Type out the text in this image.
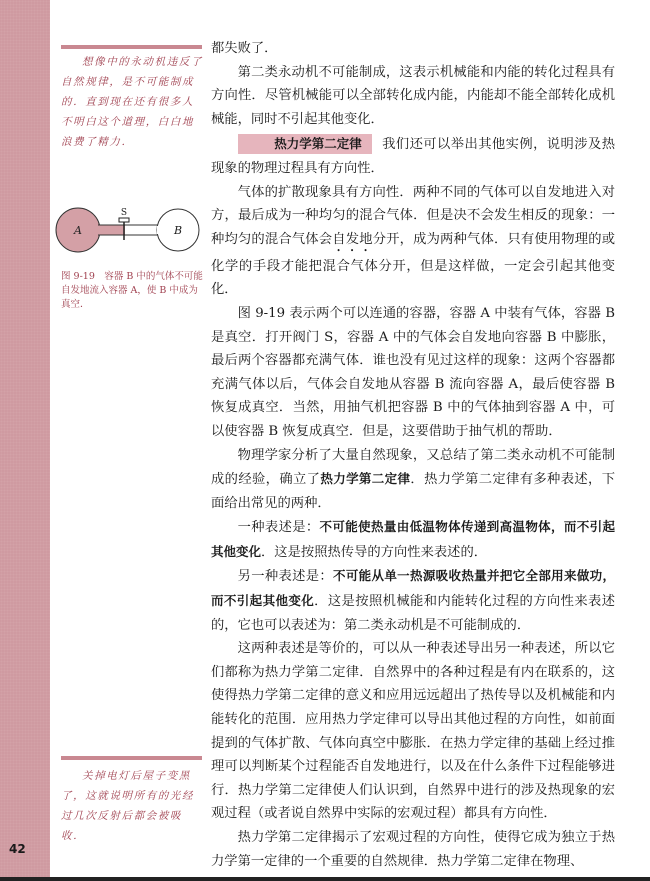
42

想像中的永动机违反了自然规律，是不可能制成的．直到现在还有很多人不明白这个道理，白白地浪费了精力．

A	B
S
图 9-19　容器 B 中的气体不可能自发地流入容器 A，使 B 中成为真空．

关掉电灯后屋子变黑了，这就说明所有的光经过几次反射后都会被吸收．

都失败了．

第二类永动机不可能制成，这表示机械能和内能的转化过程具有方向性．尽管机械能可以全部转化成内能，内能却不能全部转化成机械能，同时不引起其他变化．

热力学第二定律 我们还可以举出其他实例，说明涉及热现象的物理过程具有方向性．

气体的扩散现象具有方向性．两种不同的气体可以自发地进入对方，最后成为一种均匀的混合气体．但是决不会发生相反的现象：一种均匀的混合气体会自发地分开，成为两种气体．只有使用物理的或化学的手段才能把混合气体分开，但是这样做，一定会引起其他变化．

图 9-19 表示两个可以连通的容器，容器 A 中装有气体，容器 B 是真空．打开阀门 S，容器 A 中的气体会自发地向容器 B 中膨胀，最后两个容器都充满气体．谁也没有见过这样的现象：这两个容器都充满气体以后，气体会自发地从容器 B 流向容器 A，最后使容器 B 恢复成真空．当然，用抽气机把容器 B 中的气体抽到容器 A 中，可以使容器 B 恢复成真空．但是，这要借助于抽气机的帮助．

物理学家分析了大量自然现象，又总结了第二类永动机不可能制成的经验，确立了热力学第二定律．热力学第二定律有多种表述，下面给出常见的两种．

一种表述是：不可能使热量由低温物体传递到高温物体，而不引起其他变化．这是按照热传导的方向性来表述的．

另一种表述是：不可能从单一热源吸收热量并把它全部用来做功，而不引起其他变化．这是按照机械能和内能转化过程的方向性来表述的，它也可以表述为：第二类永动机是不可能制成的．

这两种表述是等价的，可以从一种表述导出另一种表述，所以它们都称为热力学第二定律．自然界中的各种过程是有内在联系的，这使得热力学第二定律的意义和应用远远超出了热传导以及机械能和内能转化的范围．应用热力学定律可以导出其他过程的方向性，如前面提到的气体扩散、气体向真空中膨胀．在热力学定律的基础上经过推理可以判断某个过程能否自发地进行，以及在什么条件下过程能够进行．热力学第二定律使人们认识到，自然界中进行的涉及热现象的宏观过程（或者说自然界中实际的宏观过程）都具有方向性．

热力学第二定律揭示了宏观过程的方向性，使得它成为独立于热力学第一定律的一个重要的自然规律．热力学第二定律在物理、
